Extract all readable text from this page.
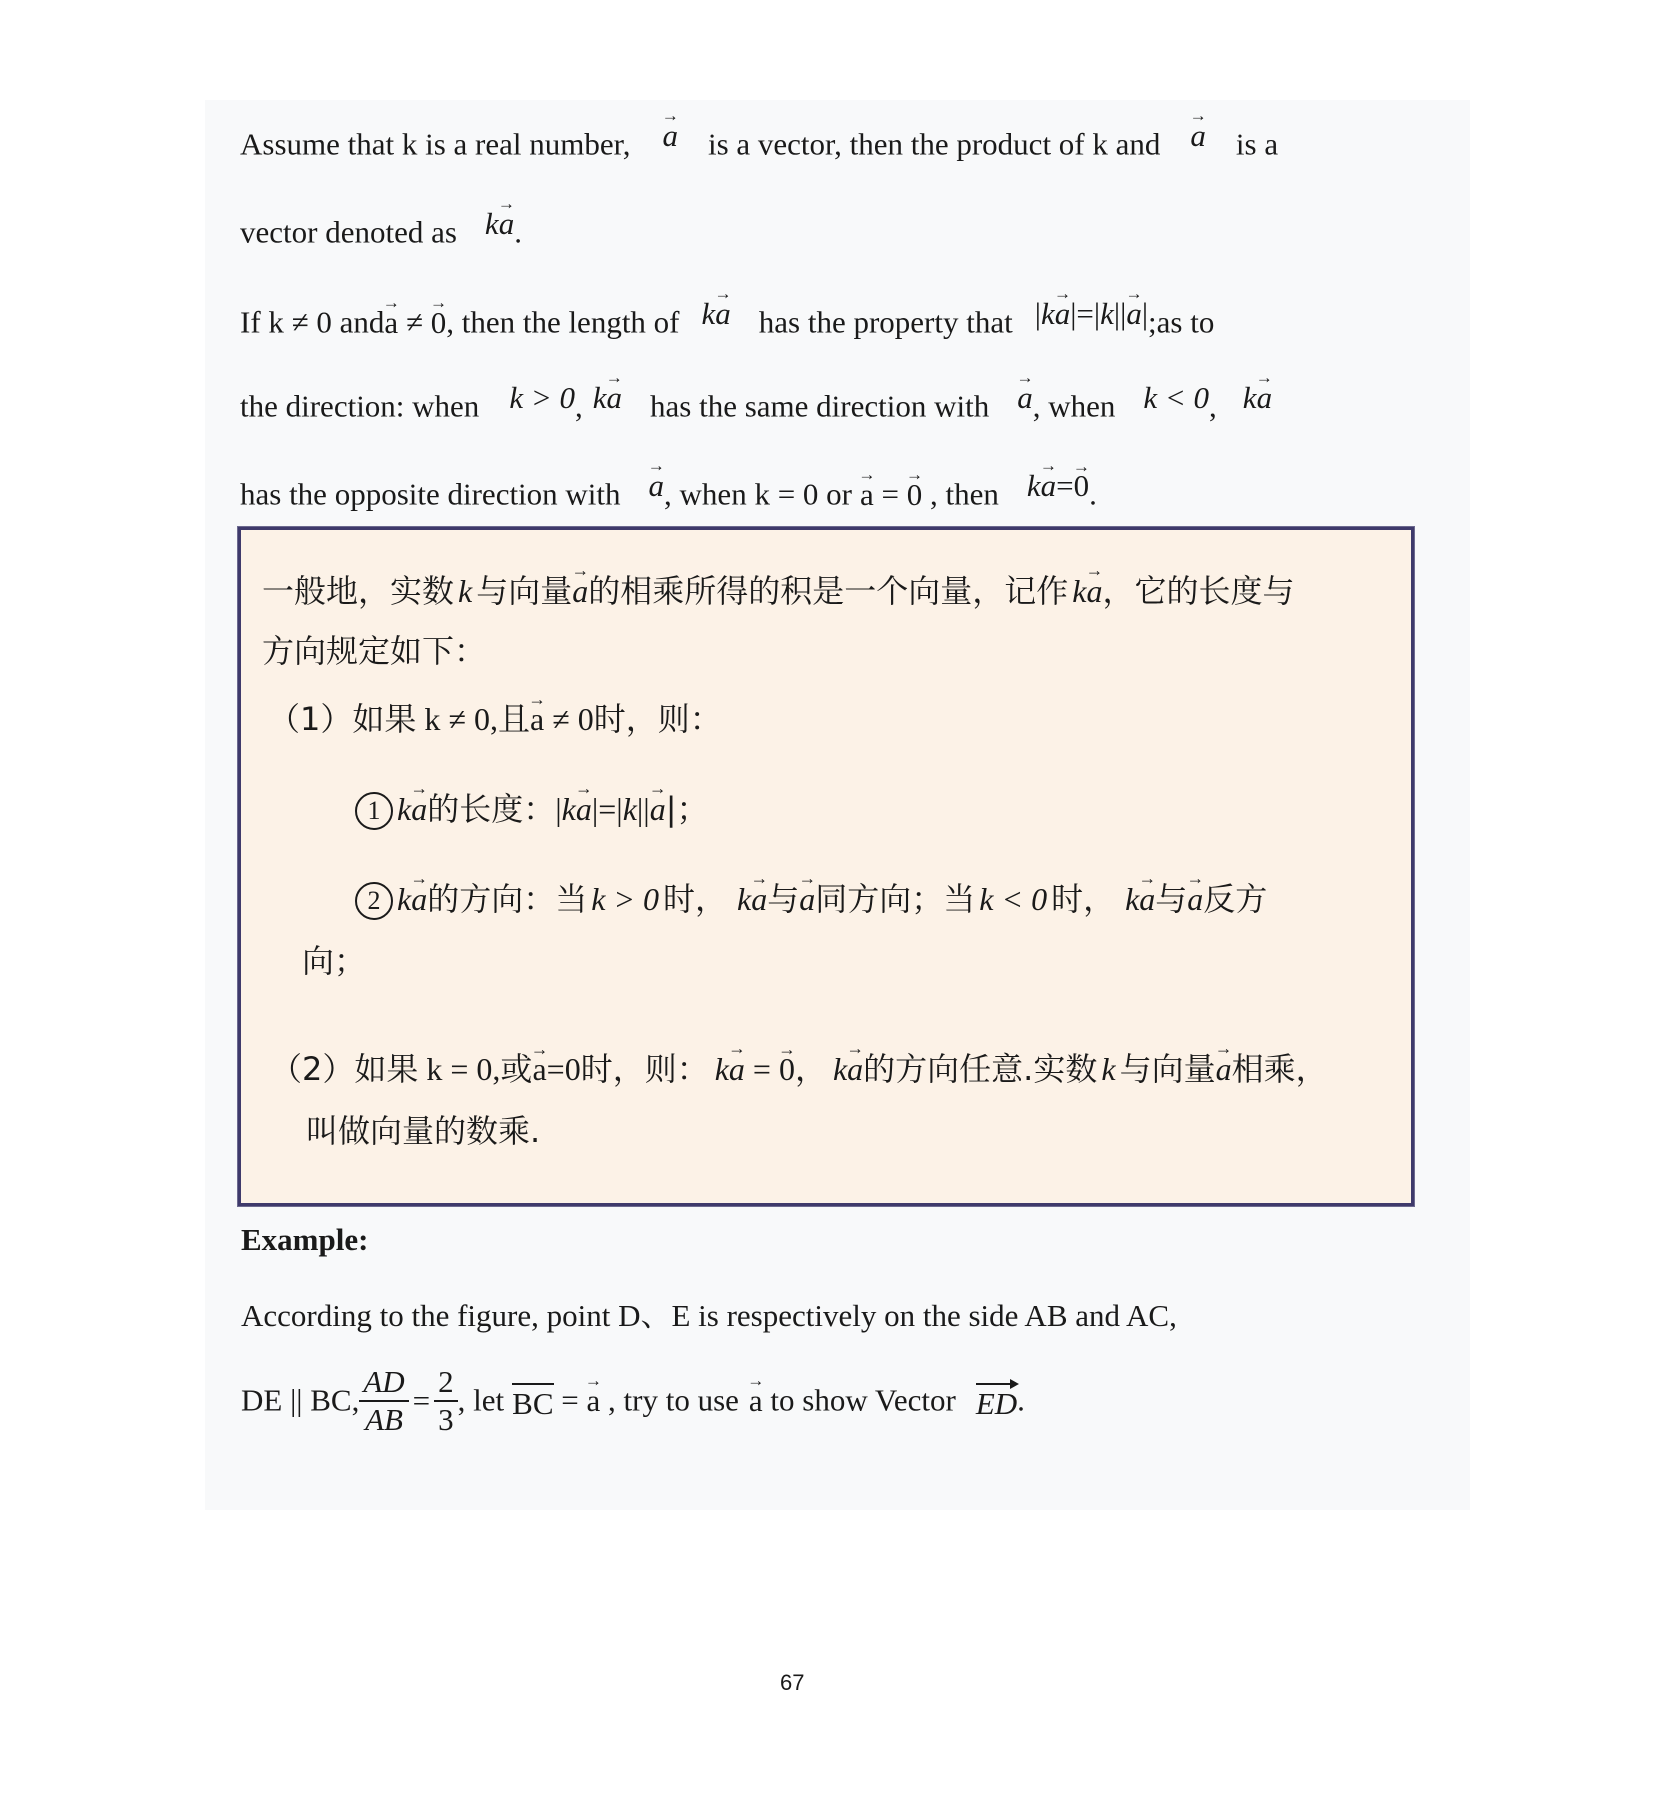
Assume that k is a real number, → a is a vector, then the product of k and → a is a
vector denoted as k→ a.
If k ≠ 0 and→ a ≠ → 0, then the length of k→ a has the property that |k→ a|=|k||→ a|;as to
the direction: when k > 0, k→ a has the same direction with → a, when k < 0, k→ a
has the opposite direction with → a, when k = 0 or → a = → 0 , then k→ a=→ 0.
一般地，实数 k 与向量→ a的相乘所得的积是一个向量，记作 k→ a，它的长度与
方向规定如下：
（1）如果 k ≠ 0,且→ a ≠ 0时，则：
1 k→ a的长度：|k→ a|=|k||→ a|；
2 k→ a的方向：当 k > 0 时， k→ a与→ a同方向；当 k < 0 时， k→ a与→ a反方
向；
（2）如果 k = 0,或→ a=0时，则： k→ a = → 0， k→ a的方向任意.实数 k 与向量→ a相乘，
叫做向量的数乘.
Example:
According to the figure, point D、E is respectively on the side AB and AC,
DE || BC, $\frac{AD}{AB} = \frac{2}{3}$ , let BC = → a , try to use → a to show Vector ED.
67
